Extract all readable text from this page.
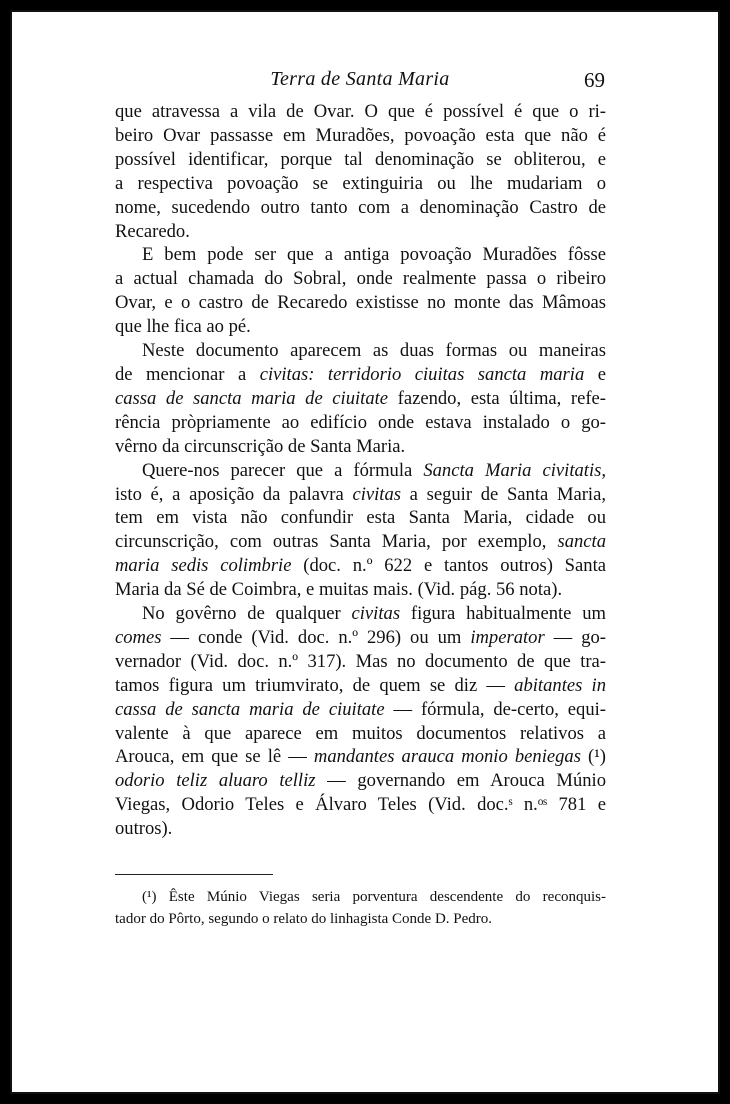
Terra de Santa Maria	69

que atravessa a vila de Ovar. O que é possível é que o ri-
beiro Ovar passasse em Muradões, povoação esta que não é
possível identificar, porque tal denominação se obliterou, e
a respectiva povoação se extinguiria ou lhe mudariam o
nome, sucedendo outro tanto com a denominação Castro de
Recaredo.

E bem pode ser que a antiga povoação Muradões fôsse
a actual chamada do Sobral, onde realmente passa o ribeiro
Ovar, e o castro de Recaredo existisse no monte das Mâmoas
que lhe fica ao pé.

Neste documento aparecem as duas formas ou maneiras
de mencionar a civitas: terridorio ciuitas sancta maria e
cassa de sancta maria de ciuitate fazendo, esta última, refe-
rência pròpriamente ao edifício onde estava instalado o go-
vêrno da circunscrição de Santa Maria.

Quere-nos parecer que a fórmula Sancta Maria civitatis,
isto é, a aposição da palavra civitas a seguir de Santa Maria,
tem em vista não confundir esta Santa Maria, cidade ou
circunscrição, com outras Santa Maria, por exemplo, sancta
maria sedis colimbrie (doc. n.º 622 e tantos outros) Santa
Maria da Sé de Coimbra, e muitas mais. (Vid. pág. 56 nota).

No govêrno de qualquer civitas figura habitualmente um
comes — conde (Vid. doc. n.º 296) ou um imperator — go-
vernador (Vid. doc. n.º 317). Mas no documento de que tra-
tamos figura um triumvirato, de quem se diz — abitantes in
cassa de sancta maria de ciuitate — fórmula, de-certo, equi-
valente à que aparece em muitos documentos relativos a
Arouca, em que se lê — mandantes arauca monio beniegas (¹)
odorio teliz aluaro telliz — governando em Arouca Múnio
Viegas, Odorio Teles e Álvaro Teles (Vid. doc.ˢ n.ᵒˢ 781 e
outros).

(¹) Êste Múnio Viegas seria porventura descendente do reconquis-
tador do Pôrto, segundo o relato do linhagista Conde D. Pedro.
